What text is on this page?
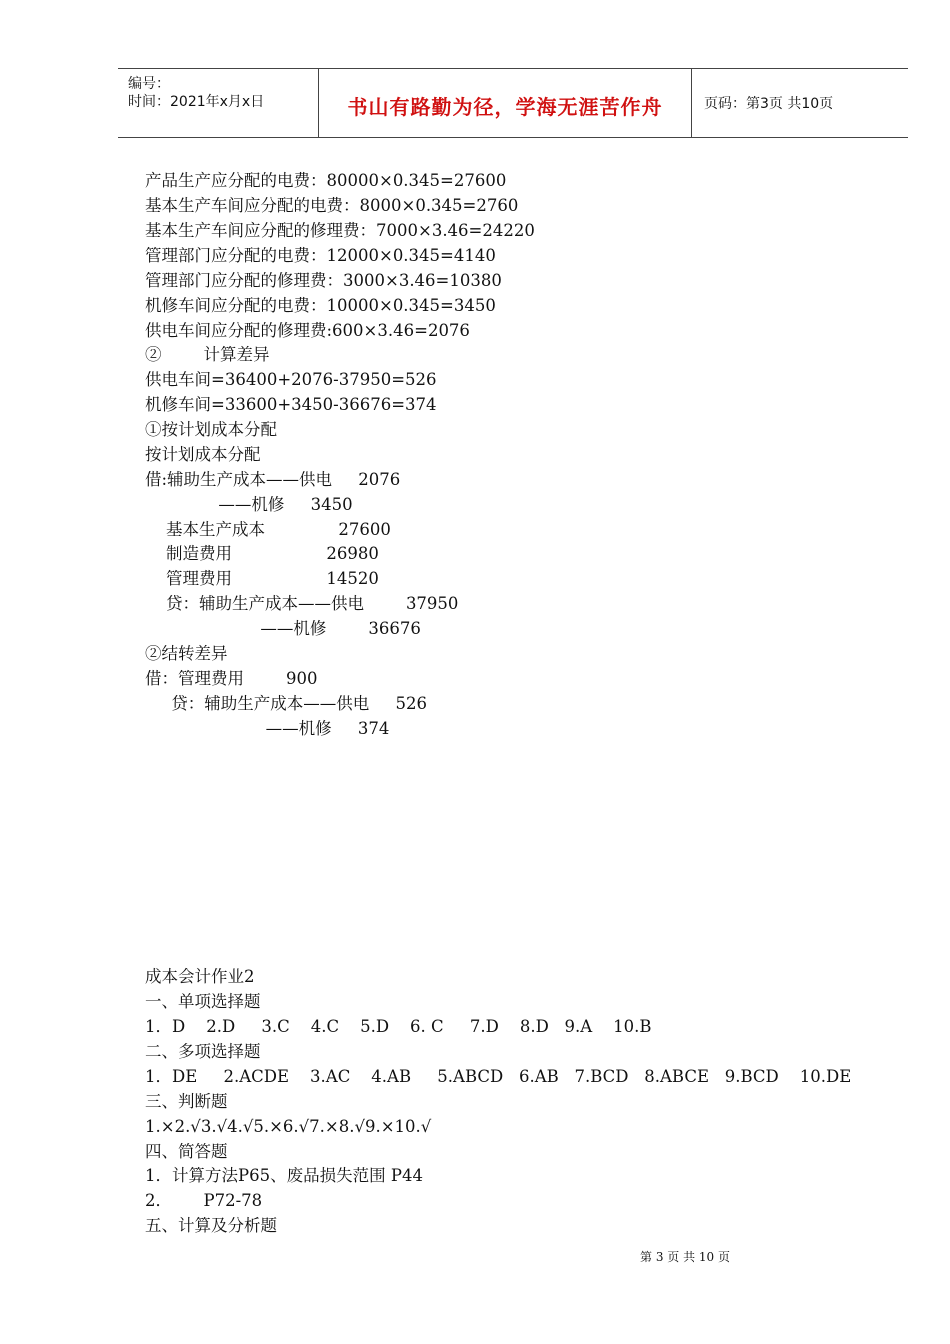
编号：
时间：2021年x月x日	书山有路勤为径，学海无涯苦作舟	页码：第3页 共10页
产品生产应分配的电费：80000×0.345=27600
基本生产车间应分配的电费：8000×0.345=2760
基本生产车间应分配的修理费：7000×3.46=24220
管理部门应分配的电费：12000×0.345=4140
管理部门应分配的修理费：3000×3.46=10380
机修车间应分配的电费：10000×0.345=3450
供电车间应分配的修理费:600×3.46=2076
②        计算差异
供电车间=36400+2076-37950=526
机修车间=33600+3450-36676=374
①按计划成本分配
按计划成本分配
借:辅助生产成本——供电     2076
——机修     3450
基本生产成本              27600
制造费用                  26980
管理费用                  14520
贷：辅助生产成本——供电        37950
——机修        36676
②结转差异
借：管理费用        900
贷：辅助生产成本——供电     526
——机修     374
成本会计作业2
一、单项选择题
1．D    2.D     3.C    4.C    5.D    6. C     7.D    8.D   9.A    10.B
二、多项选择题
1．DE     2.ACDE    3.AC    4.AB     5.ABCD   6.AB   7.BCD   8.ABCE   9.BCD    10.DE
三、判断题
1.×2.√3.√4.√5.×6.√7.×8.√9.×10.√
四、简答题
1．计算方法P65、废品损失范围 P44
2．      P72-78
五、计算及分析题
第 3 页 共 10 页
